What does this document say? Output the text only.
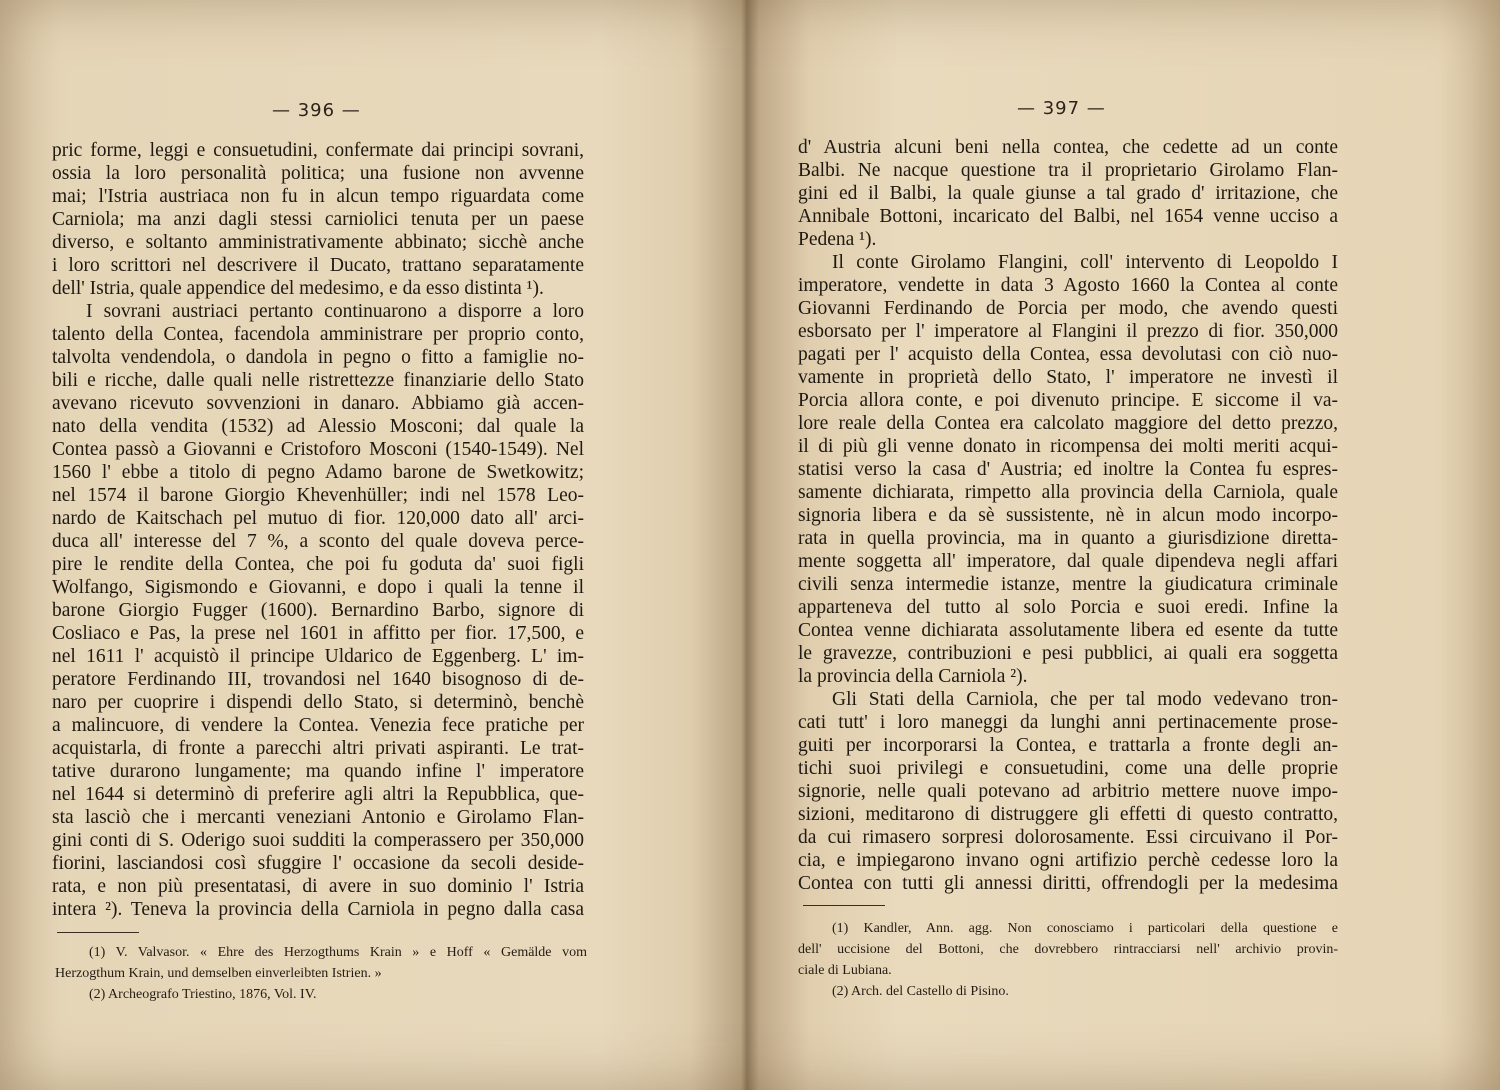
— 396 —
pric forme, leggi e consuetudini, confermate dai principi sovrani,
ossia la loro personalità politica; una fusione non avvenne
mai; l'Istria austriaca non fu in alcun tempo riguardata come
Carniola; ma anzi dagli stessi carniolici tenuta per un paese
diverso, e soltanto amministrativamente abbinato; sicchè anche
i loro scrittori nel descrivere il Ducato, trattano separatamente
dell' Istria, quale appendice del medesimo, e da esso distinta ¹).
I sovrani austriaci pertanto continuarono a disporre a loro
talento della Contea, facendola amministrare per proprio conto,
talvolta vendendola, o dandola in pegno o fitto a famiglie no-
bili e ricche, dalle quali nelle ristrettezze finanziarie dello Stato
avevano ricevuto sovvenzioni in danaro. Abbiamo già accen-
nato della vendita (1532) ad Alessio Mosconi; dal quale la
Contea passò a Giovanni e Cristoforo Mosconi (1540-1549). Nel
1560 l' ebbe a titolo di pegno Adamo barone de Swetkowitz;
nel 1574 il barone Giorgio Khevenhüller; indi nel 1578 Leo-
nardo de Kaitschach pel mutuo di fior. 120,000 dato all' arci-
duca all' interesse del 7 %, a sconto del quale doveva perce-
pire le rendite della Contea, che poi fu goduta da' suoi figli
Wolfango, Sigismondo e Giovanni, e dopo i quali la tenne il
barone Giorgio Fugger (1600). Bernardino Barbo, signore di
Cosliaco e Pas, la prese nel 1601 in affitto per fior. 17,500, e
nel 1611 l' acquistò il principe Uldarico de Eggenberg. L' im-
peratore Ferdinando III, trovandosi nel 1640 bisognoso di de-
naro per cuoprire i dispendi dello Stato, si determinò, benchè
a malincuore, di vendere la Contea. Venezia fece pratiche per
acquistarla, di fronte a parecchi altri privati aspiranti. Le trat-
tative durarono lungamente; ma quando infine l' imperatore
nel 1644 si determinò di preferire agli altri la Repubblica, que-
sta lasciò che i mercanti veneziani Antonio e Girolamo Flan-
gini conti di S. Oderigo suoi sudditi la comperassero per 350,000
fiorini, lasciandosi così sfuggire l' occasione da secoli deside-
rata, e non più presentatasi, di avere in suo dominio l' Istria
intera ²). Teneva la provincia della Carniola in pegno dalla casa
(1) V. Valvasor. « Ehre des Herzogthums Krain » e Hoff « Gemälde vom
Herzogthum Krain, und demselben einverleibten Istrien. »
(2) Archeografo Triestino, 1876, Vol. IV.
— 397 —
d' Austria alcuni beni nella contea, che cedette ad un conte
Balbi. Ne nacque questione tra il proprietario Girolamo Flan-
gini ed il Balbi, la quale giunse a tal grado d' irritazione, che
Annibale Bottoni, incaricato del Balbi, nel 1654 venne ucciso a
Pedena ¹).
Il conte Girolamo Flangini, coll' intervento di Leopoldo I
imperatore, vendette in data 3 Agosto 1660 la Contea al conte
Giovanni Ferdinando de Porcia per modo, che avendo questi
esborsato per l' imperatore al Flangini il prezzo di fior. 350,000
pagati per l' acquisto della Contea, essa devolutasi con ciò nuo-
vamente in proprietà dello Stato, l' imperatore ne investì il
Porcia allora conte, e poi divenuto principe. E siccome il va-
lore reale della Contea era calcolato maggiore del detto prezzo,
il di più gli venne donato in ricompensa dei molti meriti acqui-
statisi verso la casa d' Austria; ed inoltre la Contea fu espres-
samente dichiarata, rimpetto alla provincia della Carniola, quale
signoria libera e da sè sussistente, nè in alcun modo incorpo-
rata in quella provincia, ma in quanto a giurisdizione diretta-
mente soggetta all' imperatore, dal quale dipendeva negli affari
civili senza intermedie istanze, mentre la giudicatura criminale
apparteneva del tutto al solo Porcia e suoi eredi. Infine la
Contea venne dichiarata assolutamente libera ed esente da tutte
le gravezze, contribuzioni e pesi pubblici, ai quali era soggetta
la provincia della Carniola ²).
Gli Stati della Carniola, che per tal modo vedevano tron-
cati tutt' i loro maneggi da lunghi anni pertinacemente prose-
guiti per incorporarsi la Contea, e trattarla a fronte degli an-
tichi suoi privilegi e consuetudini, come una delle proprie
signorie, nelle quali potevano ad arbitrio mettere nuove impo-
sizioni, meditarono di distruggere gli effetti di questo contratto,
da cui rimasero sorpresi dolorosamente. Essi circuivano il Por-
cia, e impiegarono invano ogni artifizio perchè cedesse loro la
Contea con tutti gli annessi diritti, offrendogli per la medesima
(1) Kandler, Ann. agg. Non conosciamo i particolari della questione e
dell' uccisione del Bottoni, che dovrebbero rintracciarsi nell' archivio provin-
ciale di Lubiana.
(2) Arch. del Castello di Pisino.
